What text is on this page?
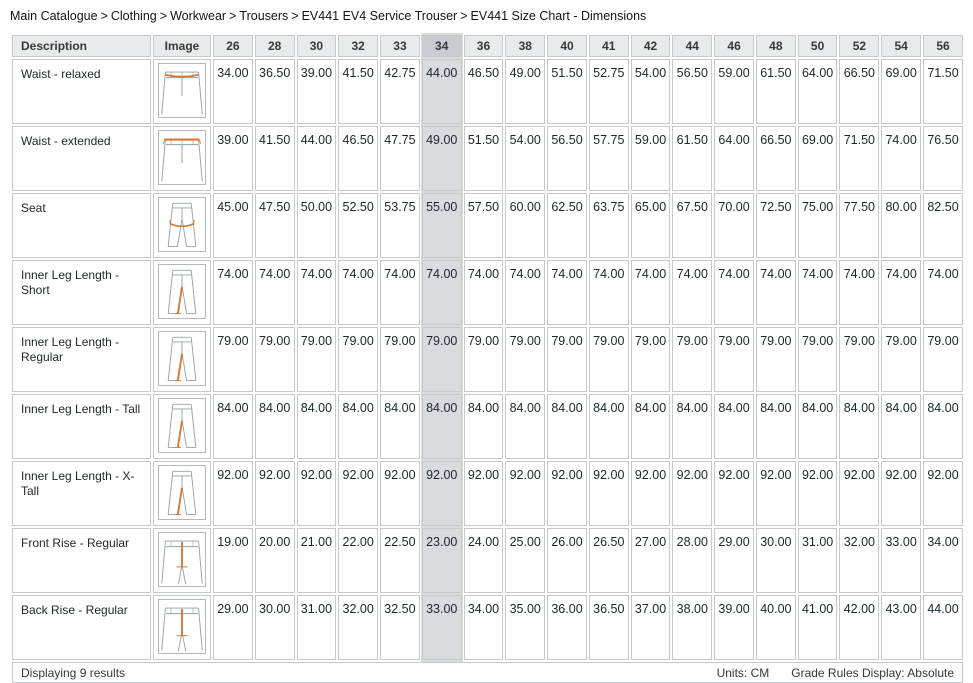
Main Catalogue > Clothing > Workwear > Trousers > EV441 EV4 Service Trouser > EV441 Size Chart - Dimensions
Description	Image	26	28	30	32	33	34	36	38	40	41	42	44	46	48	50	52	54	56
Waist - relaxed		34.00	36.50	39.00	41.50	42.75	44.00	46.50	49.00	51.50	52.75	54.00	56.50	59.00	61.50	64.00	66.50	69.00	71.50
Waist - extended		39.00	41.50	44.00	46.50	47.75	49.00	51.50	54.00	56.50	57.75	59.00	61.50	64.00	66.50	69.00	71.50	74.00	76.50
Seat		45.00	47.50	50.00	52.50	53.75	55.00	57.50	60.00	62.50	63.75	65.00	67.50	70.00	72.50	75.00	77.50	80.00	82.50
Inner Leg Length - Short		74.00	74.00	74.00	74.00	74.00	74.00	74.00	74.00	74.00	74.00	74.00	74.00	74.00	74.00	74.00	74.00	74.00	74.00
Inner Leg Length - Regular		79.00	79.00	79.00	79.00	79.00	79.00	79.00	79.00	79.00	79.00	79.00	79.00	79.00	79.00	79.00	79.00	79.00	79.00
Inner Leg Length - Tall		84.00	84.00	84.00	84.00	84.00	84.00	84.00	84.00	84.00	84.00	84.00	84.00	84.00	84.00	84.00	84.00	84.00	84.00
Inner Leg Length - X-Tall		92.00	92.00	92.00	92.00	92.00	92.00	92.00	92.00	92.00	92.00	92.00	92.00	92.00	92.00	92.00	92.00	92.00	92.00
Front Rise - Regular		19.00	20.00	21.00	22.00	22.50	23.00	24.00	25.00	26.00	26.50	27.00	28.00	29.00	30.00	31.00	32.00	33.00	34.00
Back Rise - Regular		29.00	30.00	31.00	32.00	32.50	33.00	34.00	35.00	36.00	36.50	37.00	38.00	39.00	40.00	41.00	42.00	43.00	44.00
Displaying 9 results	Units: CM Grade Rules Display: Absolute
